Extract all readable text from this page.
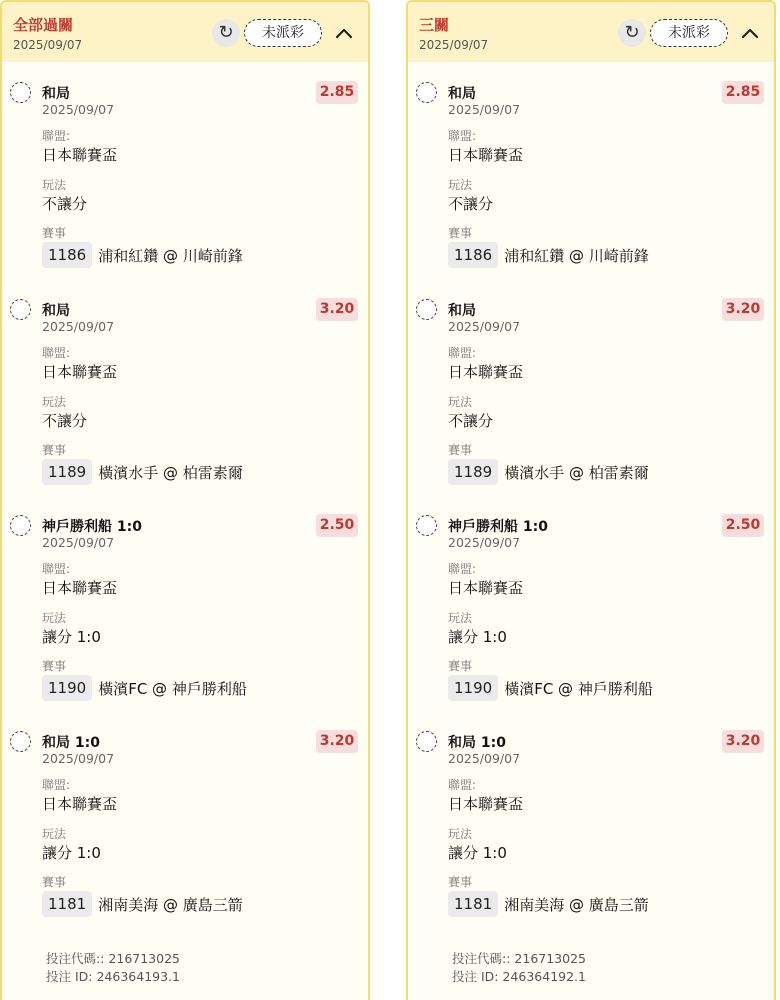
全部過關
2025/09/07
↻	未派彩
和局
2025/09/07
2.85
聯盟:
日本聯賽盃
玩法
不讓分
賽事
1186 浦和紅鑽 @ 川崎前鋒
和局
2025/09/07
3.20
聯盟:
日本聯賽盃
玩法
不讓分
賽事
1189 橫濱水手 @ 柏雷素爾
神戶勝利船 1:0
2025/09/07
2.50
聯盟:
日本聯賽盃
玩法
讓分 1:0
賽事
1190 橫濱FC @ 神戶勝利船
和局 1:0
2025/09/07
3.20
聯盟:
日本聯賽盃
玩法
讓分 1:0
賽事
1181 湘南美海 @ 廣島三箭
投注代碼:: 216713025
投注 ID: 246364193.1
三關
2025/09/07
↻	未派彩
和局
2025/09/07
2.85
聯盟:
日本聯賽盃
玩法
不讓分
賽事
1186 浦和紅鑽 @ 川崎前鋒
和局
2025/09/07
3.20
聯盟:
日本聯賽盃
玩法
不讓分
賽事
1189 橫濱水手 @ 柏雷素爾
神戶勝利船 1:0
2025/09/07
2.50
聯盟:
日本聯賽盃
玩法
讓分 1:0
賽事
1190 橫濱FC @ 神戶勝利船
和局 1:0
2025/09/07
3.20
聯盟:
日本聯賽盃
玩法
讓分 1:0
賽事
1181 湘南美海 @ 廣島三箭
投注代碼:: 216713025
投注 ID: 246364192.1
